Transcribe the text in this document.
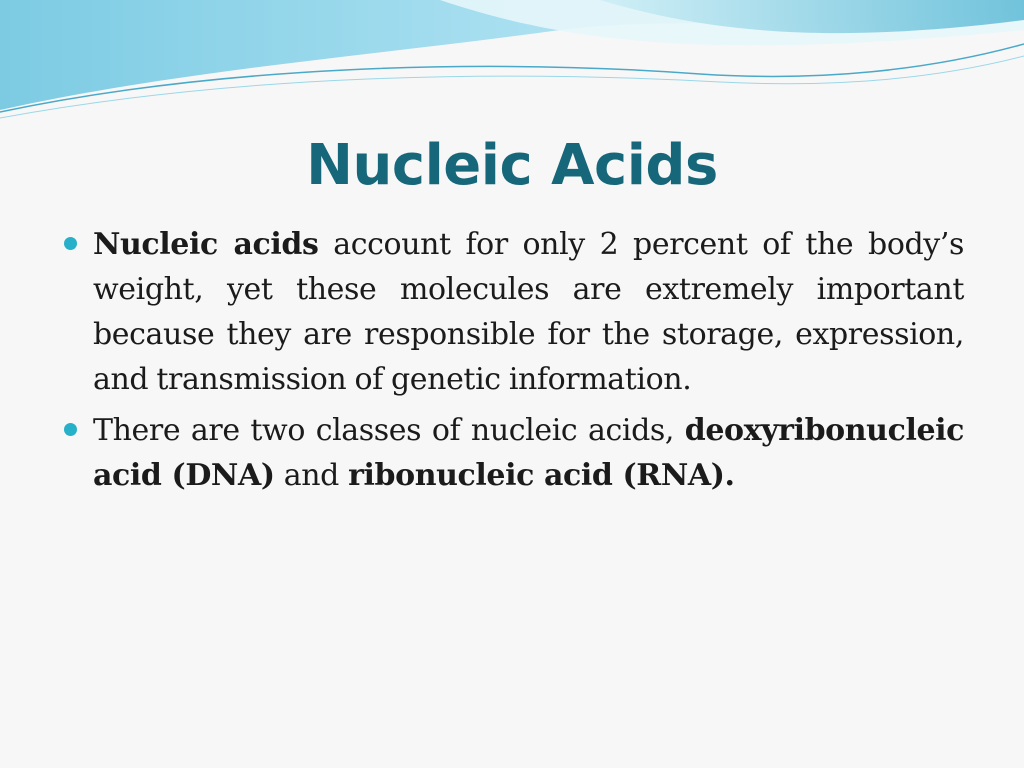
Nucleic Acids
Nucleic acids account for only 2 percent of the body’s weight, yet these molecules are extremely important because they are responsible for the storage, expression, and transmission of genetic information.
There are two classes of nucleic acids, deoxyribonucleic acid (DNA) and ribonucleic acid (RNA).
